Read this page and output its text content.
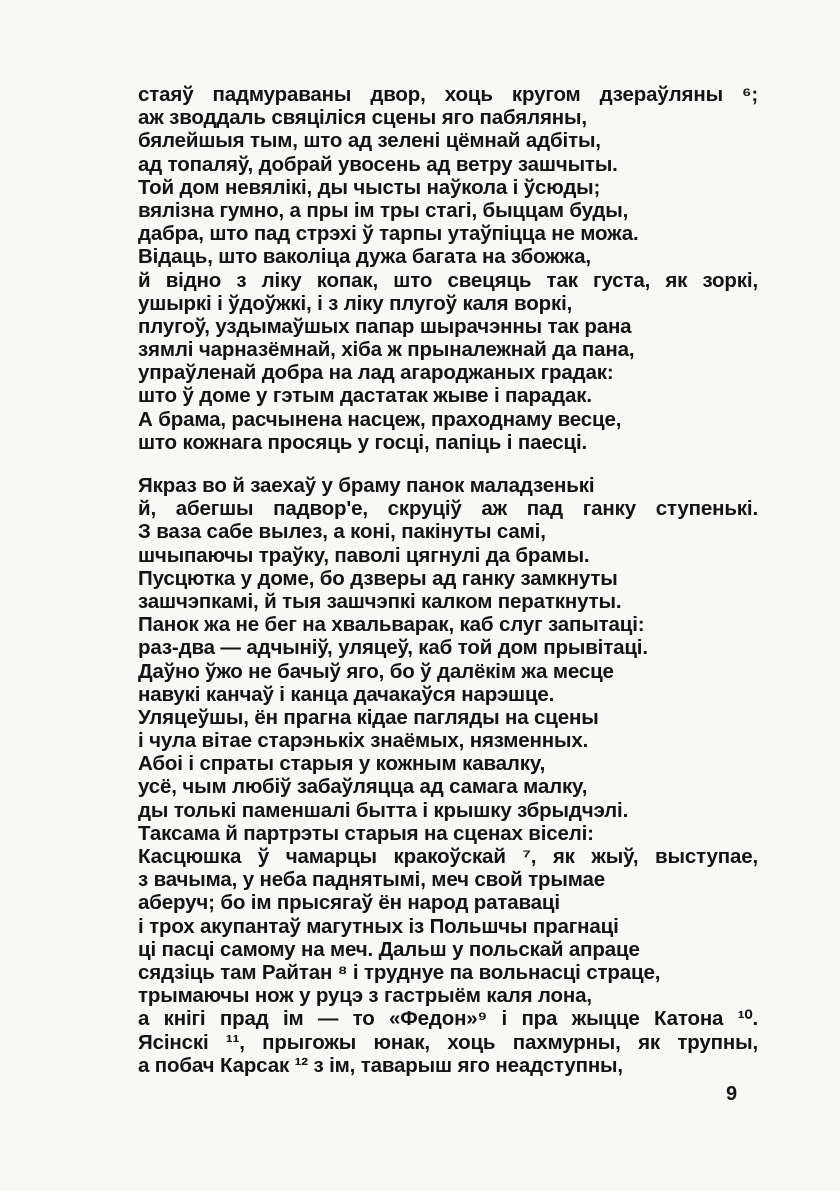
стаяў падмураваны двор, хоць кругом дзераўляны ⁶;
аж зводдаль свяціліся сцены яго пабяляны,
бялейшыя тым, што ад зелені цёмнай адбіты,
ад топаляў, добрай увосень ад ветру зашчыты.
Той дом невялікі, ды чысты наўкола і ўсюды;
вялізна гумно, а пры ім тры стагі, быццам буды,
дабра, што пад стрэхі ў тарпы утаўпіцца не можа.
Відаць, што ваколіца дужа багата на збожжа,
й відно з ліку копак, што свецяць так густа, як зоркі,
ушыркі і ўдоўжкі, і з ліку плугоў каля воркі,
плугоў, уздымаўшых папар шырачэнны так рана
зямлі чарназёмнай, хіба ж прыналежнай да пана,
упраўленай добра на лад агароджаных градак:
што ў доме у гэтым дастатак жыве і парадак.
А брама, расчынена насцеж, праходнаму весце,
што кожнага просяць у госці, папіць і паесці.
Якраз во й заехаў у браму панок маладзенькі
й, абегшы падвор'е, скруціў аж пад ганку ступенькі.
З ваза сабе вылез, а коні, пакінуты самі,
шчыпаючы траўку, паволі цягнулі да брамы.
Пусцютка у доме, бо дзверы ад ганку замкнуты
зашчэпкамі, й тыя зашчэпкі калком ператкнуты.
Панок жа не бег на хвальварак, каб слуг запытаці:
раз-два — адчыніў, уляцеў, каб той дом прывітаці.
Даўно ўжо не бачыў яго, бо ў далёкім жа месце
навукі канчаў і канца дачакаўся нарэшце.
Уляцеўшы, ён прагна кідае пагляды на сцены
і чула вітае старэнькіх знаёмых, нязменных.
Абоі і спраты старыя у кожным кавалку,
усё, чым любіў забаўляцца ад самага малку,
ды толькі паменшалі бытта і крышку збрыдчэлі.
Таксама й партрэты старыя на сценах віселі:
Касцюшка ў чамарцы кракоўскай ⁷, як жыў, выступае,
з вачыма, у неба паднятымі, меч свой трымае
аберуч; бо ім прысягаў ён народ ратаваці
і трох акупантаў магутных із Польшчы прагнаці
ці пасці самому на меч. Дальш у польскай апраце
сядзіць там Райтан ⁸ і труднуе па вольнасці страце,
трымаючы нож у руцэ з гастрыём каля лона,
а кнігі прад ім — то «Федон»⁹ і пра жыцце Катона ¹⁰.
Ясінскі ¹¹, прыгожы юнак, хоць пахмурны, як трупны,
а побач Карсак ¹² з ім, таварыш яго неадступны,
9
